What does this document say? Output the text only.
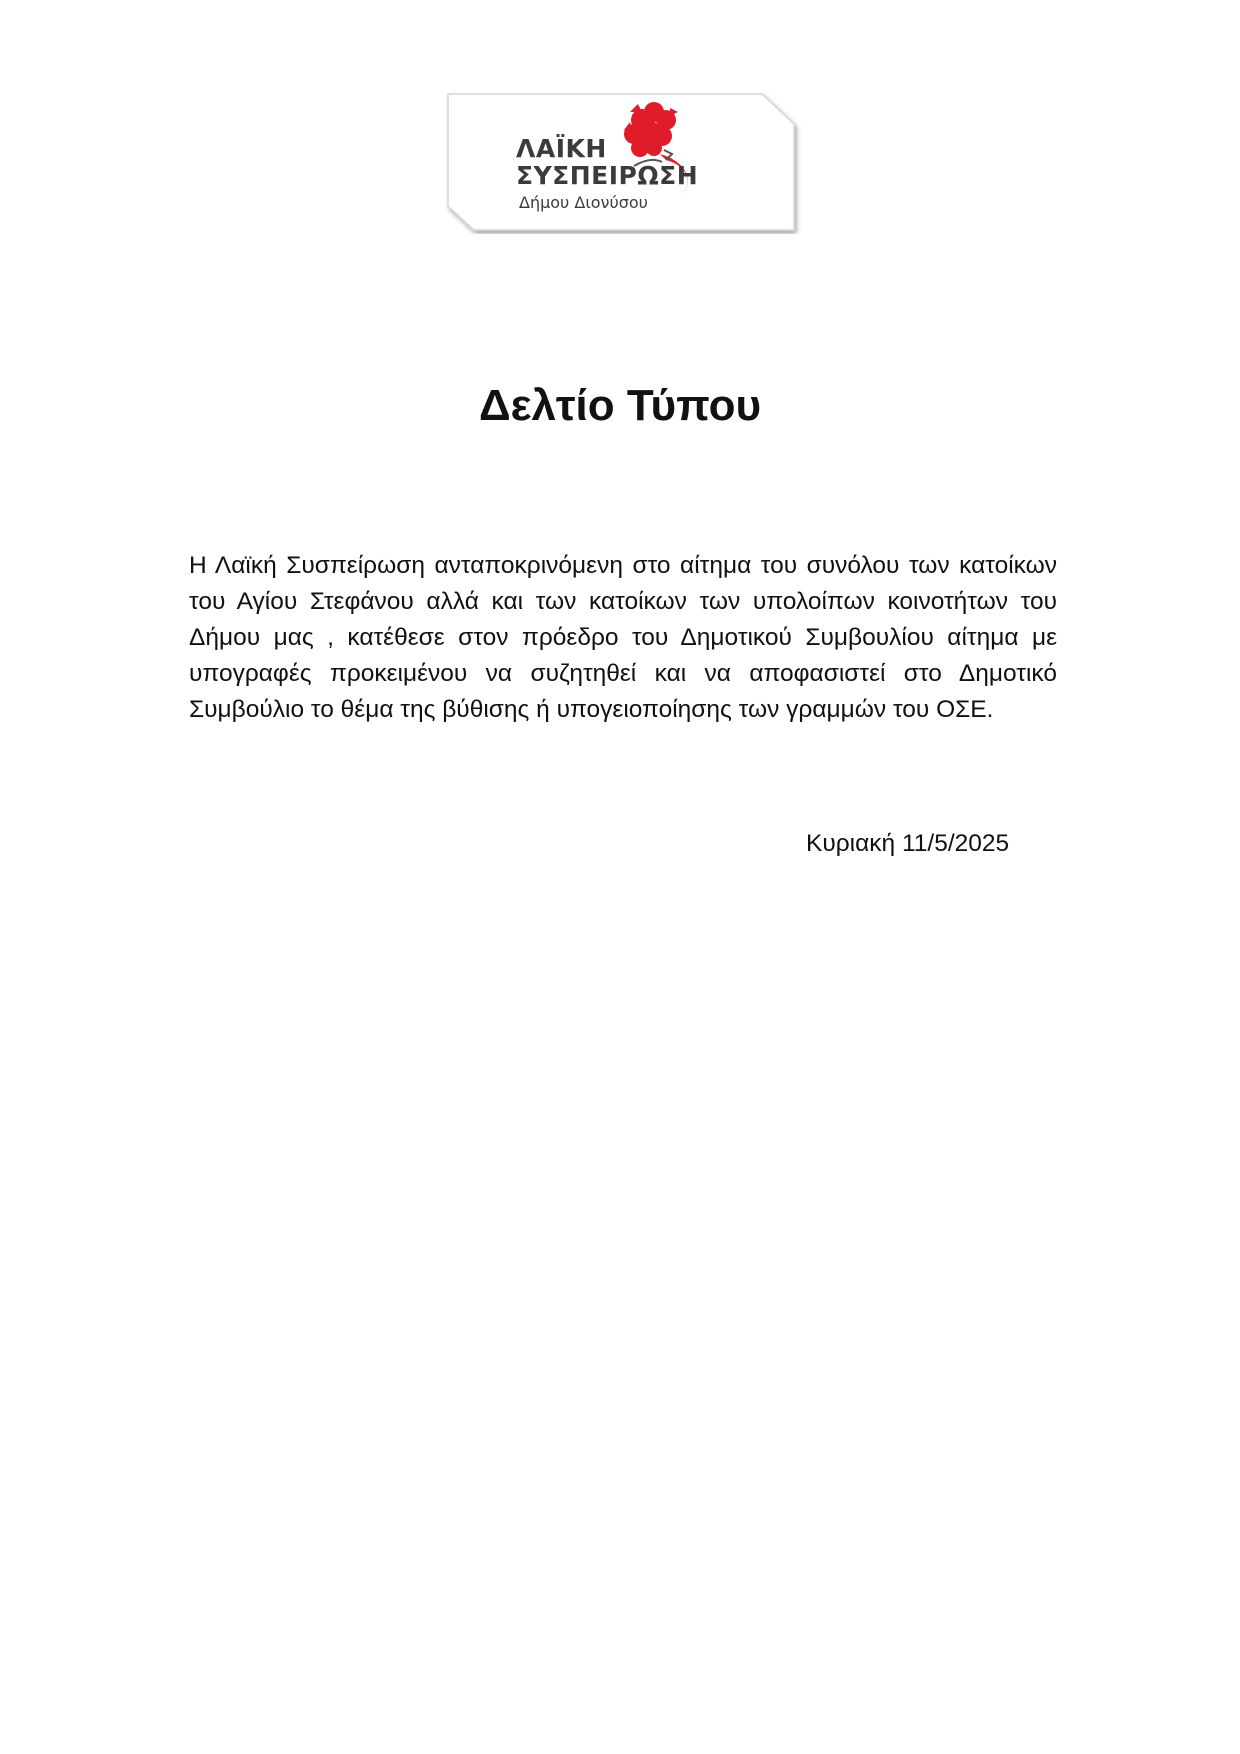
ΛΑΪΚΗ
ΣΥΣΠΕΙΡΩΣΗ
Δήμου Διονύσου
Δελτίο Τύπου

Η Λαϊκή Συσπείρωση ανταποκρινόμενη στο αίτημα του συνόλου των κατοίκων του Αγίου Στεφάνου αλλά και των κατοίκων των υπολοίπων κοινοτήτων του Δήμου μας , κατέθεσε στον πρόεδρο του Δημοτικού Συμβουλίου αίτημα με υπογραφές προκειμένου να συζητηθεί και να αποφασιστεί στο Δημοτικό Συμβούλιο το θέμα της βύθισης ή υπογειοποίησης των γραμμών του ΟΣΕ.

Κυριακή 11/5/2025
